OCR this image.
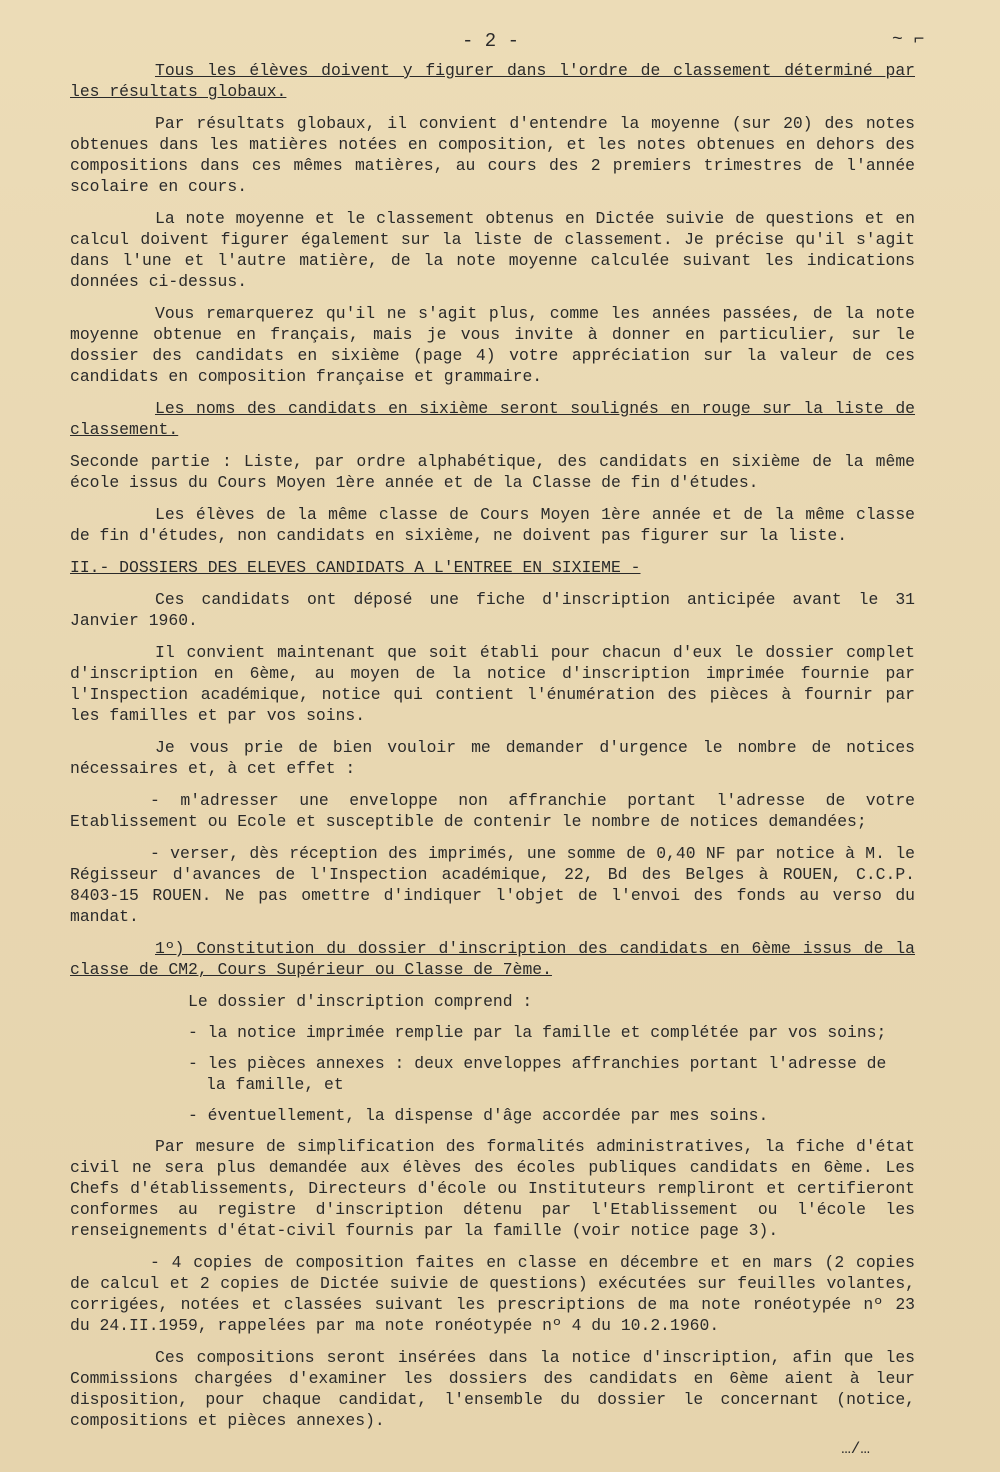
- 2 -	~ ⌐

Tous les élèves doivent y figurer dans l'ordre de classement déterminé par les résultats globaux.

Par résultats globaux, il convient d'entendre la moyenne (sur 20) des notes obtenues dans les matières notées en composition, et les notes obtenues en dehors des compositions dans ces mêmes matières, au cours des 2 premiers trimestres de l'année scolaire en cours.

La note moyenne et le classement obtenus en Dictée suivie de questions et en calcul doivent figurer également sur la liste de classement. Je précise qu'il s'agit dans l'une et l'autre matière, de la note moyenne calculée suivant les indications données ci-dessus.

Vous remarquerez qu'il ne s'agit plus, comme les années passées, de la note moyenne obtenue en français, mais je vous invite à donner en particulier, sur le dossier des candidats en sixième (page 4) votre appréciation sur la valeur de ces candidats en composition française et grammaire.

Les noms des candidats en sixième seront soulignés en rouge sur la liste de classement.

Seconde partie : Liste, par ordre alphabétique, des candidats en sixième de la même école issus du Cours Moyen 1ère année et de la Classe de fin d'études.

Les élèves de la même classe de Cours Moyen 1ère année et de la même classe de fin d'études, non candidats en sixième, ne doivent pas figurer sur la liste.

II.- DOSSIERS DES ELEVES CANDIDATS A L'ENTREE EN SIXIEME -

Ces candidats ont déposé une fiche d'inscription anticipée avant le 31 Janvier 1960.

Il convient maintenant que soit établi pour chacun d'eux le dossier complet d'inscription en 6ème, au moyen de la notice d'inscription imprimée fournie par l'Inspection académique, notice qui contient l'énumération des pièces à fournir par les familles et par vos soins.

Je vous prie de bien vouloir me demander d'urgence le nombre de notices nécessaires et, à cet effet :

- m'adresser une enveloppe non affranchie portant l'adresse de votre Etablissement ou Ecole et susceptible de contenir le nombre de notices demandées;

- verser, dès réception des imprimés, une somme de 0,40 NF par notice à M. le Régisseur d'avances de l'Inspection académique, 22, Bd des Belges à ROUEN, C.C.P. 8403-15 ROUEN. Ne pas omettre d'indiquer l'objet de l'envoi des fonds au verso du mandat.

1º) Constitution du dossier d'inscription des candidats en 6ème issus de la classe de CM2, Cours Supérieur ou Classe de 7ème.

Le dossier d'inscription comprend :

- la notice imprimée remplie par la famille et complétée par vos soins;

- les pièces annexes : deux enveloppes affranchies portant l'adresse de la famille, et

- éventuellement, la dispense d'âge accordée par mes soins.

Par mesure de simplification des formalités administratives, la fiche d'état civil ne sera plus demandée aux élèves des écoles publiques candidats en 6ème. Les Chefs d'établissements, Directeurs d'école ou Instituteurs rempliront et certifieront conformes au registre d'inscription détenu par l'Etablissement ou l'école les renseignements d'état-civil fournis par la famille (voir notice page 3).

- 4 copies de composition faites en classe en décembre et en mars (2 copies de calcul et 2 copies de Dictée suivie de questions) exécutées sur feuilles volantes, corrigées, notées et classées suivant les prescriptions de ma note ronéotypée nº 23 du 24.II.1959, rappelées par ma note ronéotypée nº 4 du 10.2.1960.

Ces compositions seront insérées dans la notice d'inscription, afin que les Commissions chargées d'examiner les dossiers des candidats en 6ème aient à leur disposition, pour chaque candidat, l'ensemble du dossier le concernant (notice, compositions et pièces annexes).

…/…
